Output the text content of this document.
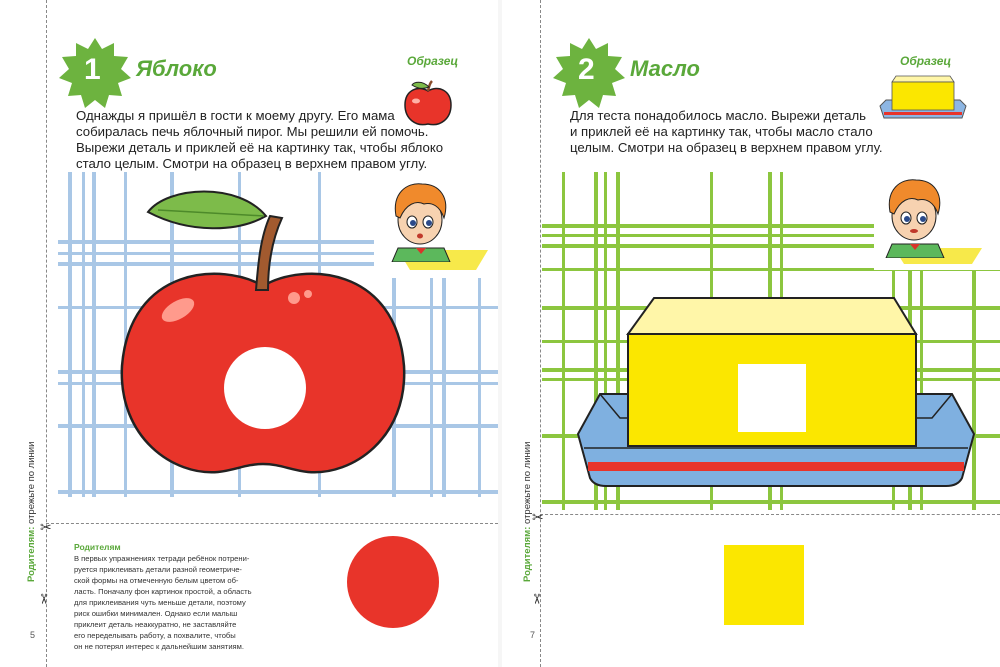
1 Яблоко	Образец
Однажды я пришёл в гости к моему другу. Его мама
собиралась печь яблочный пирог. Мы решили ей помочь.
Вырежи деталь и приклей её на картинку так, чтобы яблоко
стало целым. Смотри на образец в верхнем правом углу.
Родителям: отрежьте по линии
✂
✂
5
Родителям
В первых упражнениях тетради ребёнок потрени-
руется приклеивать детали разной геометриче-
ской формы на отмеченную белым цветом об-
ласть. Поначалу фон картинок простой, а область
для приклеивания чуть меньше детали, поэтому
риск ошибки минимален. Однако если малыш
приклеит деталь неаккуратно, не заставляйте
его переделывать работу, а похвалите, чтобы
он не потерял интерес к дальнейшим занятиям.
2 Масло	Образец
Для теста понадобилось масло. Вырежи деталь
и приклей её на картинку так, чтобы масло стало
целым. Смотри на образец в верхнем правом углу.
Родителям: отрежьте по линии ✂
✂
7
